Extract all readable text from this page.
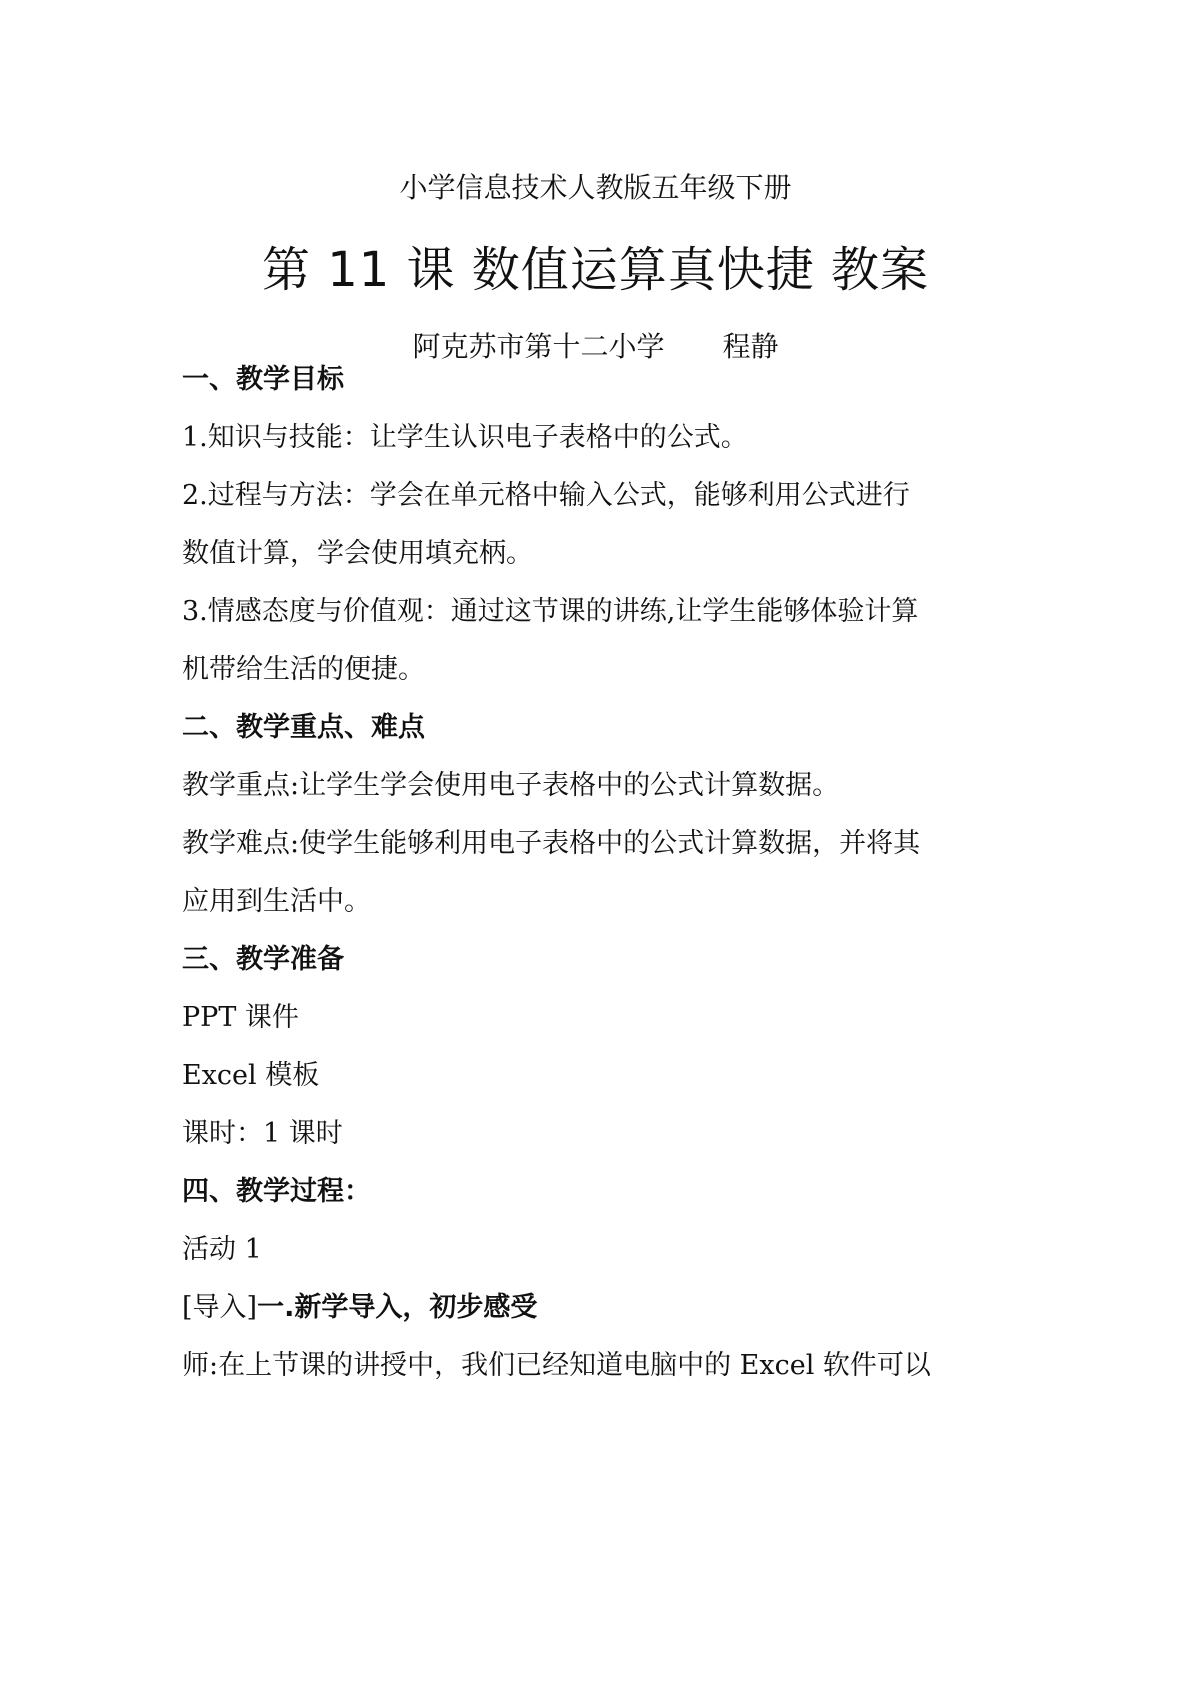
小学信息技术人教版五年级下册
第 11 课 数值运算真快捷 教案
阿克苏市第十二小学 程静
一、教学目标
1.知识与技能：让学生认识电子表格中的公式。
2.过程与方法：学会在单元格中输入公式，能够利用公式进行
数值计算，学会使用填充柄。
3.情感态度与价值观：通过这节课的讲练,让学生能够体验计算
机带给生活的便捷。
二、教学重点、难点
教学重点:让学生学会使用电子表格中的公式计算数据。
教学难点:使学生能够利用电子表格中的公式计算数据，并将其
应用到生活中。
三、教学准备
PPT 课件
Excel 模板
课时：1 课时
四、教学过程：
活动 1
[导入]一.新学导入，初步感受
师:在上节课的讲授中，我们已经知道电脑中的 Excel 软件可以
